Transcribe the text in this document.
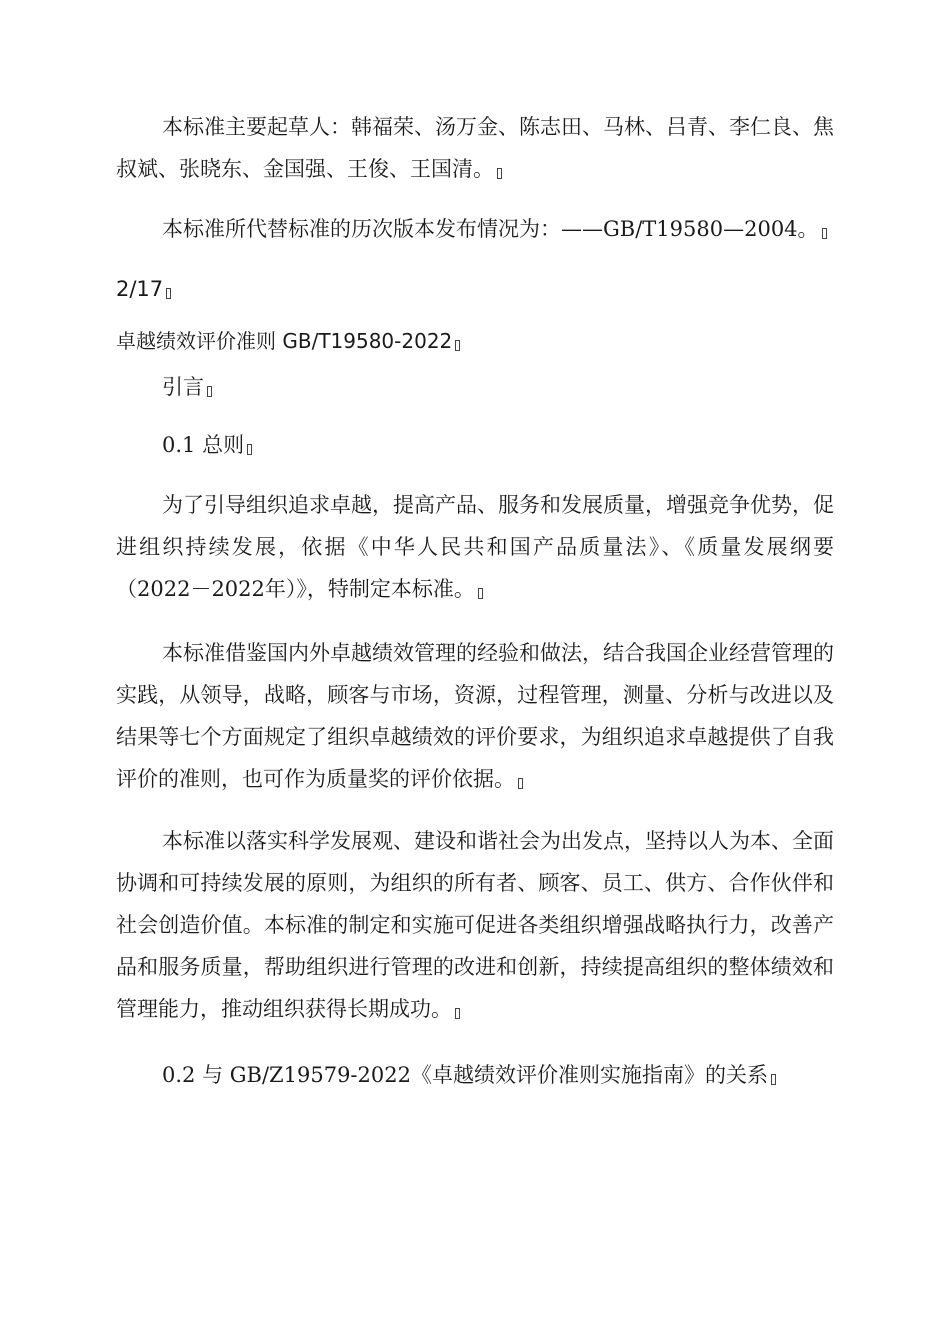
本标准主要起草人：韩福荣、汤万金、陈志田、马林、吕青、李仁良、焦叔斌、张晓东、金国强、王俊、王国清。

本标准所代替标准的历次版本发布情况为：——GB/T19580—2004。

2/17

卓越绩效评价准则 GB/T19580-2022

引言

0.1 总则

为了引导组织追求卓越，提高产品、服务和发展质量，增强竞争优势，促进组织持续发展，依据《中华人民共和国产品质量法》、《质量发展纲要（2022－2022年）》，特制定本标准。

本标准借鉴国内外卓越绩效管理的经验和做法，结合我国企业经营管理的实践，从领导，战略，顾客与市场，资源，过程管理，测量、分析与改进以及结果等七个方面规定了组织卓越绩效的评价要求，为组织追求卓越提供了自我评价的准则，也可作为质量奖的评价依据。

本标准以落实科学发展观、建设和谐社会为出发点，坚持以人为本、全面协调和可持续发展的原则，为组织的所有者、顾客、员工、供方、合作伙伴和社会创造价值。本标准的制定和实施可促进各类组织增强战略执行力，改善产品和服务质量，帮助组织进行管理的改进和创新，持续提高组织的整体绩效和管理能力，推动组织获得长期成功。

0.2 与 GB/Z19579-2022《卓越绩效评价准则实施指南》的关系
